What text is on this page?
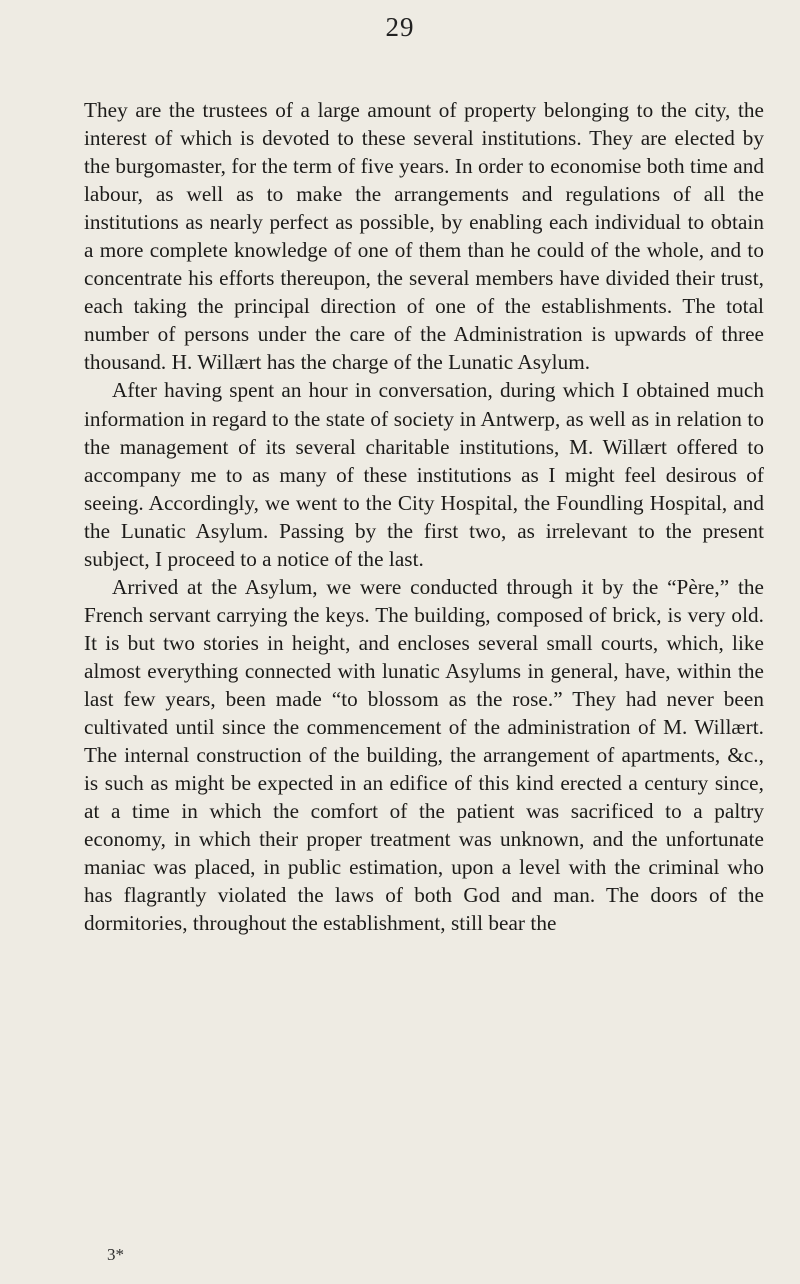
29

They are the trustees of a large amount of property belonging to the city, the interest of which is devoted to these several institutions. They are elected by the burgomaster, for the term of five years. In order to economise both time and labour, as well as to make the arrangements and regulations of all the institutions as nearly perfect as possible, by enabling each individual to obtain a more complete knowledge of one of them than he could of the whole, and to concentrate his efforts thereupon, the several members have divided their trust, each taking the principal direction of one of the establishments. The total number of persons under the care of the Administration is upwards of three thousand. H. Willært has the charge of the Lunatic Asylum.

After having spent an hour in conversation, during which I obtained much information in regard to the state of society in Antwerp, as well as in relation to the management of its several charitable institutions, M. Willært offered to accompany me to as many of these institutions as I might feel desirous of seeing. Accordingly, we went to the City Hospital, the Foundling Hospital, and the Lunatic Asylum. Passing by the first two, as irrelevant to the present subject, I proceed to a notice of the last.

Arrived at the Asylum, we were conducted through it by the “Père,” the French servant carrying the keys. The building, composed of brick, is very old. It is but two stories in height, and encloses several small courts, which, like almost everything connected with lunatic Asylums in general, have, within the last few years, been made “to blossom as the rose.” They had never been cultivated until since the commencement of the administration of M. Willært. The internal construction of the building, the arrangement of apartments, &c., is such as might be expected in an edifice of this kind erected a century since, at a time in which the comfort of the patient was sacrificed to a paltry economy, in which their proper treatment was unknown, and the unfortunate maniac was placed, in public estimation, upon a level with the criminal who has flagrantly violated the laws of both God and man. The doors of the dormitories, throughout the establishment, still bear the

3*
